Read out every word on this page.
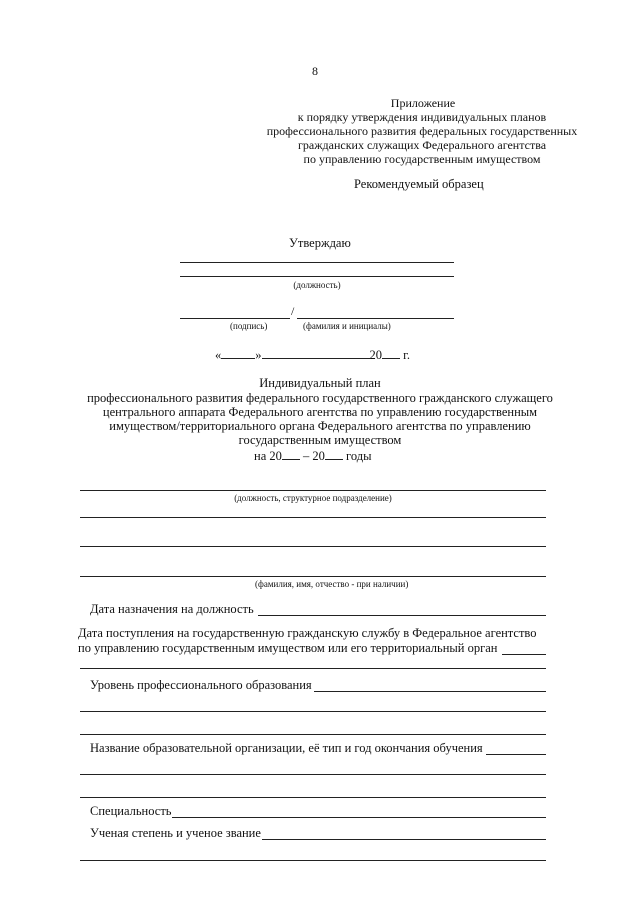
8
Приложение
к порядку утверждения индивидуальных планов
профессионального развития федеральных государственных
гражданских служащих Федерального агентства
по управлению государственным имуществом
Рекомендуемый образец
Утверждаю
(должность)
/
(подпись)	(фамилия и инициалы)
«	»	20 г.
Индивидуальный план
профессионального развития федерального государственного гражданского служащего
центрального аппарата Федерального агентства по управлению государственным
имуществом/территориального органа Федерального агентства по управлению
государственным имуществом
на 20 – 20 годы
(должность, структурное подразделение)
(фамилия, имя, отчество - при наличии)
Дата назначения на должность
Дата поступления на государственную гражданскую службу в Федеральное агентство
по управлению государственным имуществом или его территориальный орган
Уровень профессионального образования
Название образовательной организации, её тип и год окончания обучения
Специальность
Ученая степень и ученое звание
